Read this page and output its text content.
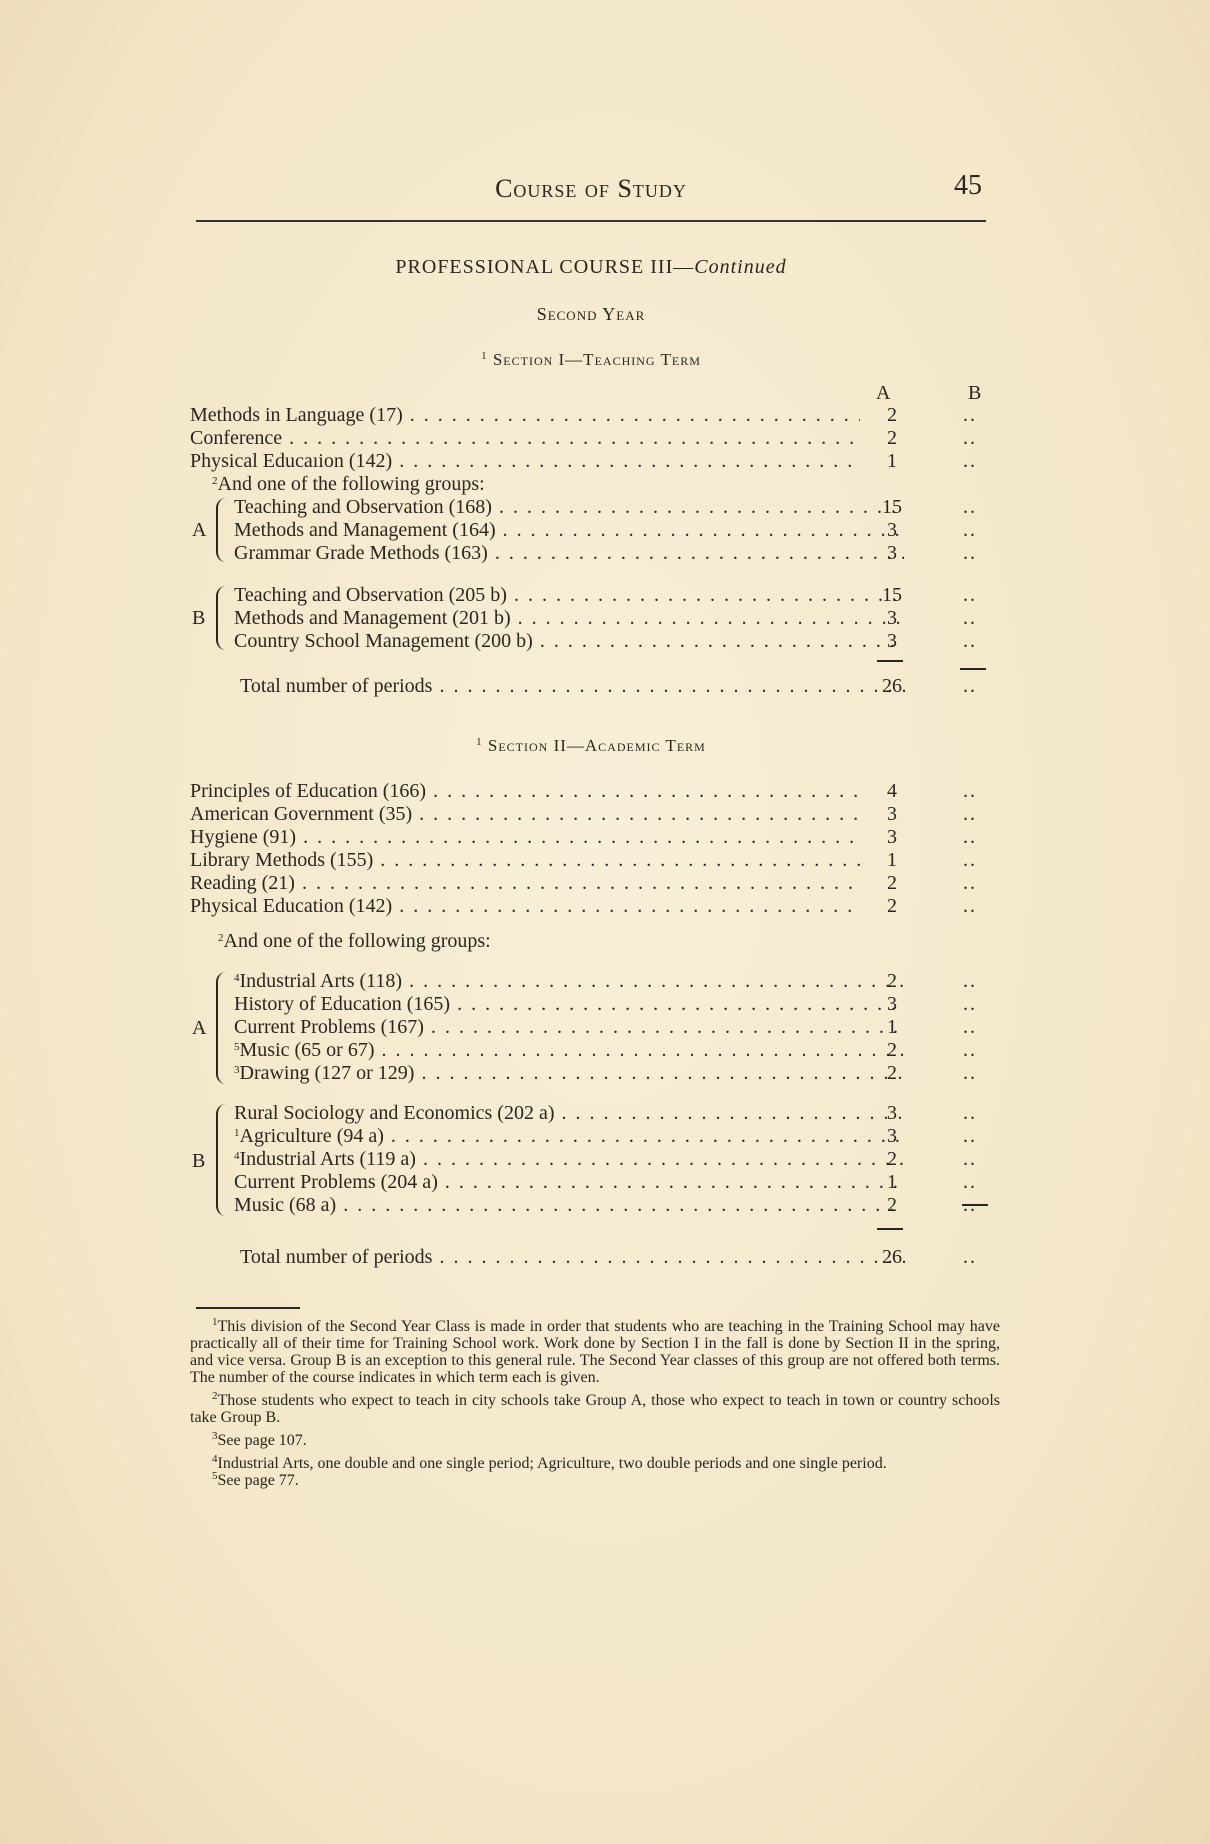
Course of Study	45
PROFESSIONAL COURSE III—Continued
Second Year
$^1$ Section I—Teaching Term
A	B
Methods in Language (17) . . .	2	..
Conference . . .	2	..
Physical Educaıion (142) . . .	1	..
$^2$And one of the following groups:
A
Teaching and Observation (168) . . .	15	..
Methods and Management (164) . . .	3	..
Grammar Grade Methods (163) . . .	3	..
B
Teaching and Observation (205 b) . . .	15	..
Methods and Management (201 b) . . .	3	..
Country School Management (200 b) . . .	3	..
Total number of periods . . .	26	..
$^1$ Section II—Academic Term
Principles of Education (166) . . .	4	..
American Government (35) . . .	3	..
Hygiene (91) . . .	3	..
Library Methods (155) . . .	1	..
Reading (21) . . .	2	..
Physical Education (142) . . .	2	..
$^2$And one of the following groups:
A
$^4$Industrial Arts (118) . . .	2	..
History of Education (165) . . .	3	..
Current Problems (167) . . .	1	..
$^5$Music (65 or 67) . . .	2	..
$^3$Drawing (127 or 129) . . .	2	..
B
Rural Sociology and Economics (202 a) . . .	3	..
$^1$Agriculture (94 a) . . .	3	..
$^4$Industrial Arts (119 a) . . .	2	..
Current Problems (204 a) . . .	1	..
Music (68 a) . . .	2	..
Total number of periods . . .	26	..

$^1$This division of the Second Year Class is made in order that students who are teaching in the Training School may have practically all of their time for Training School work. Work done by Section I in the fall is done by Section II in the spring, and vice versa. Group B is an exception to this general rule. The Second Year classes of this group are not offered both terms. The number of the course indicates in which term each is given.

$^2$Those students who expect to teach in city schools take Group A, those who expect to teach in town or country schools take Group B.

$^3$See page 107.

$^4$Industrial Arts, one double and one single period; Agriculture, two double periods and one single period.

$^5$See page 77.
